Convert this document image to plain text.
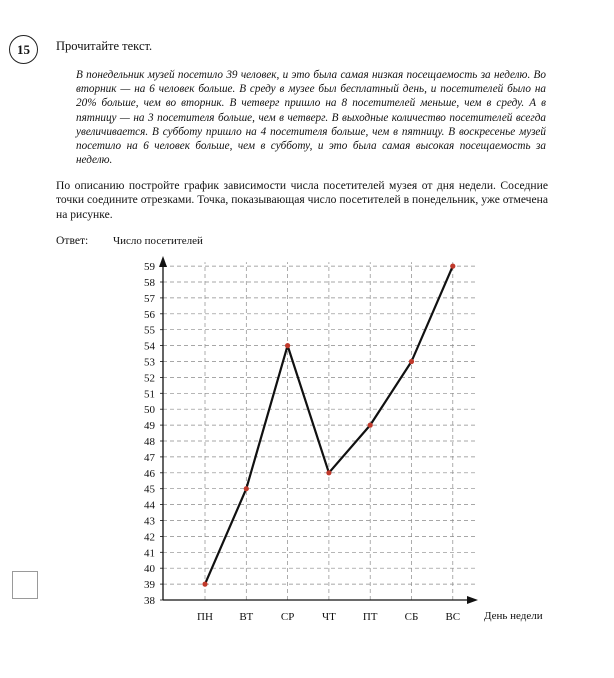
15	Прочитайте текст.
В понедельник музей посетило 39 человек, и это была самая низкая посещаемость за неделю. Во вторник — на 6 человек больше. В среду в музее был бесплатный день, и посетителей было на 20% больше, чем во вторник. В четверг пришло на 8 посетителей меньше, чем в среду. А в пятницу — на 3 посетителя больше, чем в четверг. В выходные количество посетителей всегда увеличивается. В субботу пришло на 4 посетителя больше, чем в пятницу. В воскресенье музей посетило на 6 человек больше, чем в субботу, и это была самая высокая посещаемость за неделю.
По описанию постройте график зависимости числа посетителей музея от дня недели. Соседние точки соедините отрезками. Точка, показывающая число посетителей в понедельник, уже отмечена на рисунке.
Ответ:
38
39
40
41
42
43
44
45
46
47
48
49
50
51
52
53
54
55
56
57
58
59
ПН ВТ	СР	ЧТ ПТ СБ ВС
Число посетителей
День недели
